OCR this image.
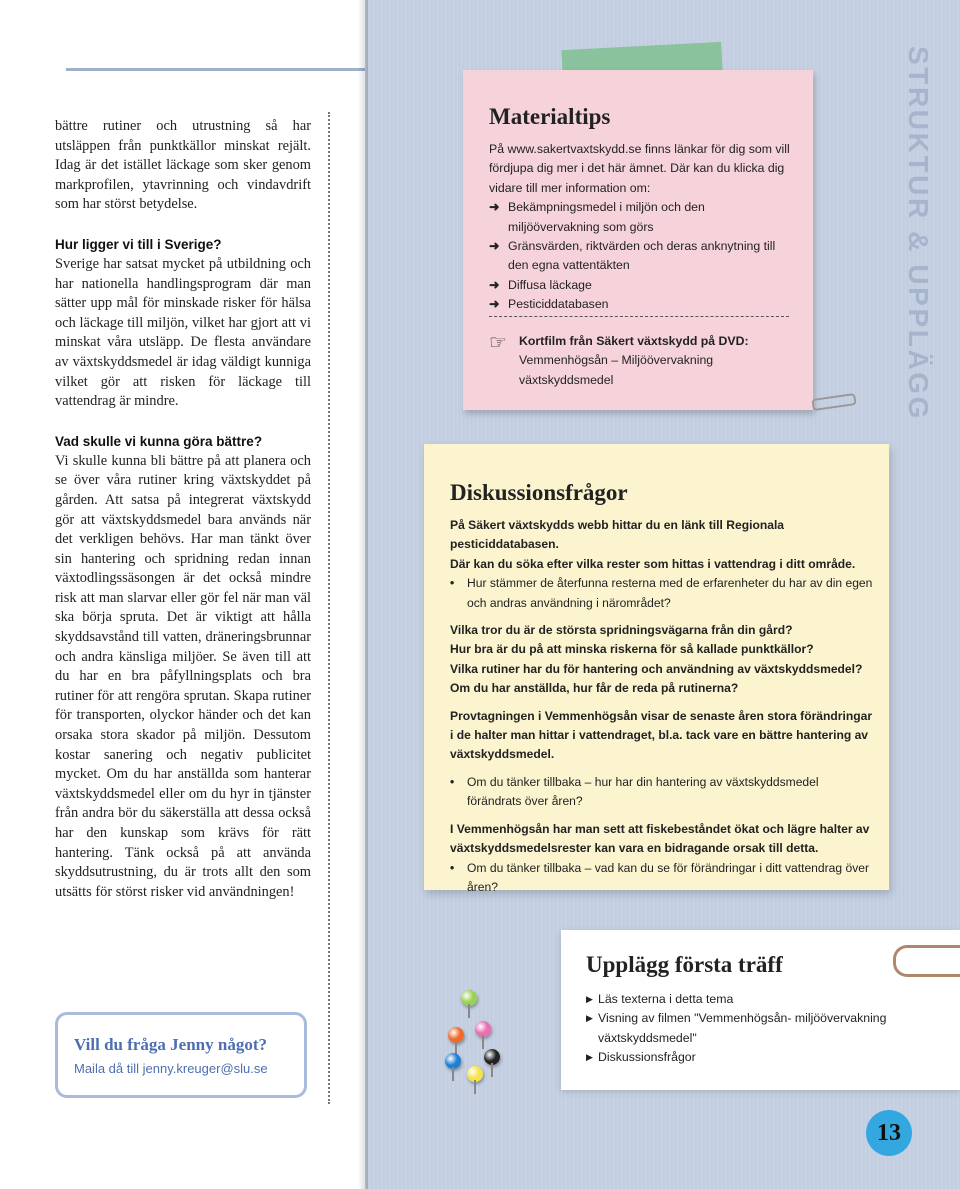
bättre rutiner och utrustning så har utsläppen från punktkällor minskat rejält. Idag är det istället läckage som sker genom markprofilen, ytavrinning och vindavdrift som har störst betydelse.

Hur ligger vi till i Sverige?

Sverige har satsat mycket på utbildning och har nationella handlingsprogram där man sätter upp mål för minskade risker för hälsa och läckage till miljön, vilket har gjort att vi minskat våra utsläpp. De flesta användare av växtskyddsmedel är idag väldigt kunniga vilket gör att risken för läckage till vattendrag är mindre.

Vad skulle vi kunna göra bättre?

Vi skulle kunna bli bättre på att planera och se över våra rutiner kring växtskyddet på gården. Att satsa på integrerat växtskydd gör att växtskyddsmedel bara används när det verkligen behövs. Har man tänkt över sin hantering och spridning redan innan växtodlingssäsongen är det också mindre risk att man slarvar eller gör fel när man väl ska börja spruta. Det är viktigt att hålla skyddsavstånd till vatten, dräneringsbrunnar och andra känsliga miljöer. Se även till att du har en bra påfyllningsplats och bra rutiner för att rengöra sprutan. Skapa rutiner för transporten, olyckor händer och det kan orsaka stora skador på miljön. Dessutom kostar sanering och negativ publicitet mycket. Om du har anställda som hanterar växtskyddsmedel eller om du hyr in tjänster från andra bör du säkerställa att dessa också har den kunskap som krävs för rätt hantering. Tänk också på att använda skyddsutrustning, du är trots allt den som utsätts för störst risker vid användningen!

Vill du fråga Jenny något?
Maila då till jenny.kreuger@slu.se
STRUKTUR & UPPLÄGG
Materialtips

På www.sakertvaxtskydd.se finns länkar för dig som vill fördjupa dig mer i det här ämnet. Där kan du klicka dig vidare till mer information om:

➜ Bekämpningsmedel i miljön och den miljöövervakning som görs
➜ Gränsvärden, riktvärden och deras anknytning till den egna vattentäkten
➜ Diffusa läckage
➜ Pesticiddatabasen
☞ Kortfilm från Säkert växtskydd på DVD:
Vemmenhögsån – Miljöövervakning växtskyddsmedel
Diskussionsfrågor

På Säkert växtskydds webb hittar du en länk till Regionala pesticiddatabasen.

Där kan du söka efter vilka rester som hittas i vattendrag i ditt område.

•	Hur stämmer de återfunna resterna med de erfarenheter du har av din egen och andras användning i närområdet?

Vilka tror du är de största spridningsvägarna från din gård?

Hur bra är du på att minska riskerna för så kallade punktkällor?

Vilka rutiner har du för hantering och användning av växtskyddsmedel?

Om du har anställda, hur får de reda på rutinerna?

Provtagningen i Vemmenhögsån visar de senaste åren stora förändringar i de halter man hittar i vattendraget, bl.a. tack vare en bättre hantering av växtskyddsmedel.

•	Om du tänker tillbaka – hur har din hantering av växtskyddsmedel förändrats över åren?

I Vemmenhögsån har man sett att fiskebeståndet ökat och lägre halter av växtskyddsmedelsrester kan vara en bidragande orsak till detta.

•	Om du tänker tillbaka – vad kan du se för förändringar i ditt vattendrag över åren?
Upplägg första träff
▶ Läs texterna i detta tema
▶ Visning av filmen "Vemmenhögsån- miljöövervakning växtskyddsmedel"
▶ Diskussionsfrågor
13
